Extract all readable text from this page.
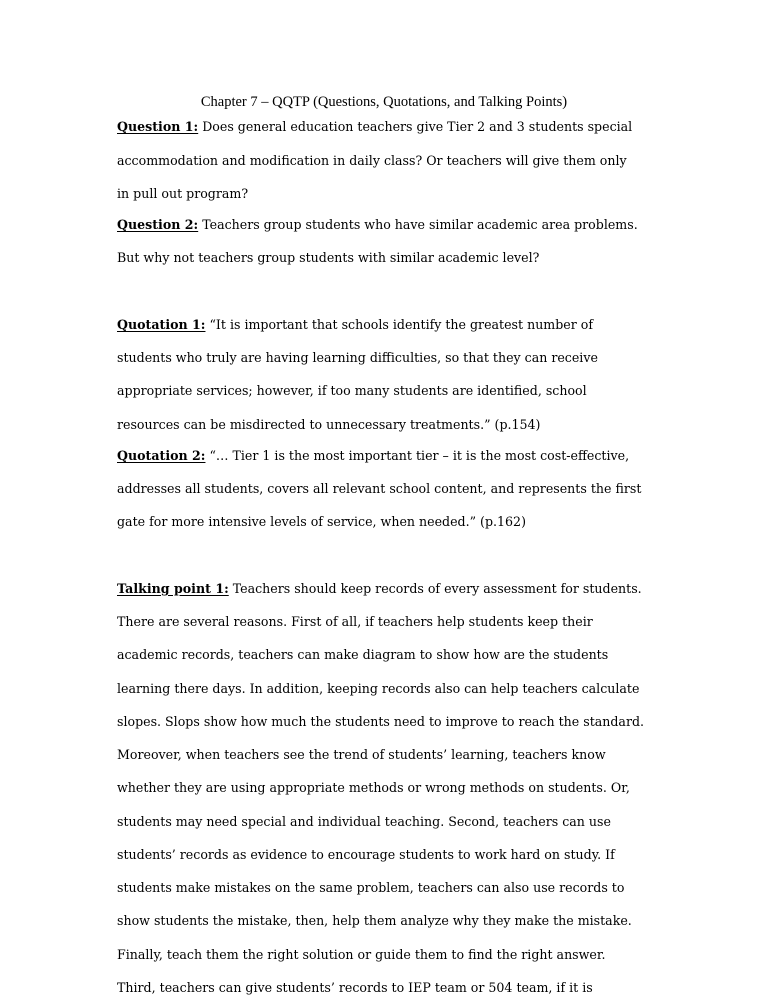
Chapter 7 – QQTP (Questions, Quotations, and Talking Points)
Question 1: Does general education teachers give Tier 2 and 3 students special
accommodation and modification in daily class? Or teachers will give them only
in pull out program?
Question 2: Teachers group students who have similar academic area problems.
But why not teachers group students with similar academic level?
Quotation 1: “It is important that schools identify the greatest number of
students who truly are having learning difficulties, so that they can receive
appropriate services; however, if too many students are identified, school
resources can be misdirected to unnecessary treatments.” (p.154)
Quotation 2: “… Tier 1 is the most important tier – it is the most cost-effective,
addresses all students, covers all relevant school content, and represents the first
gate for more intensive levels of service, when needed.” (p.162)
Talking point 1: Teachers should keep records of every assessment for students.
There are several reasons. First of all, if teachers help students keep their
academic records, teachers can make diagram to show how are the students
learning there days. In addition, keeping records also can help teachers calculate
slopes. Slops show how much the students need to improve to reach the standard.
Moreover, when teachers see the trend of students’ learning, teachers know
whether they are using appropriate methods or wrong methods on students. Or,
students may need special and individual teaching. Second, teachers can use
students’ records as evidence to encourage students to work hard on study. If
students make mistakes on the same problem, teachers can also use records to
show students the mistake, then, help them analyze why they make the mistake.
Finally, teach them the right solution or guide them to find the right answer.
Third, teachers can give students’ records to IEP team or 504 team, if it is
